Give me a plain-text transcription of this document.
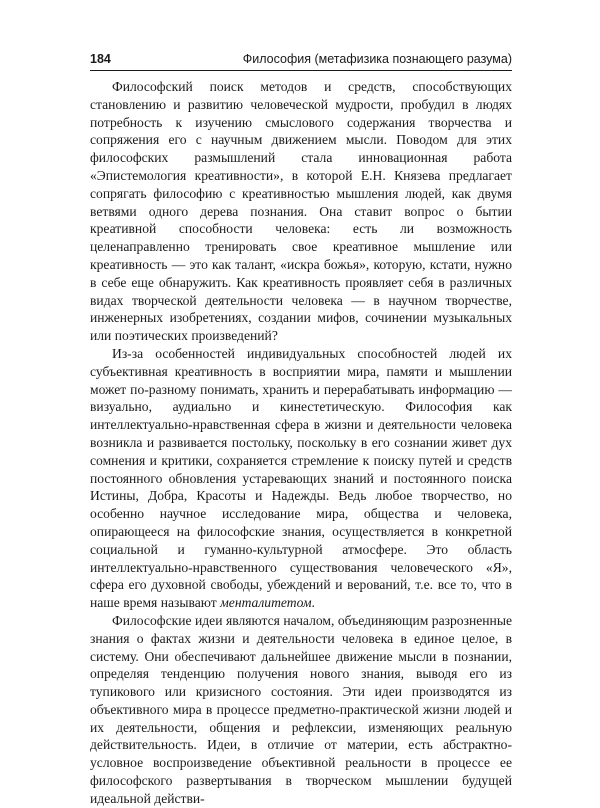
184	Философия (метафизика познающего разума)

Философский поиск методов и средств, способствующих становлению и развитию человеческой мудрости, пробудил в людях потребность к изучению смыслового содержания творчества и сопряжения его с научным движением мысли. Поводом для этих философских размышлений стала инновационная работа «Эпистемология креативности», в которой Е.Н. Князева предлагает сопрягать философию с креативностью мышления людей, как двумя ветвями одного дерева познания. Она ставит вопрос о бытии креативной способности человека: есть ли возможность целенаправленно тренировать свое креативное мышление или креативность — это как талант, «искра божья», которую, кстати, нужно в себе еще обнаружить. Как креативность проявляет себя в различных видах творческой деятельности человека — в научном творчестве, инженерных изобретениях, создании мифов, сочинении музыкальных или поэтических произведений?

Из-за особенностей индивидуальных способностей людей их субъективная креативность в восприятии мира, памяти и мышлении может по-разному понимать, хранить и перерабатывать информацию — визуально, аудиально и кинестетическую. Философия как интеллектуально-нравственная сфера в жизни и деятельности человека возникла и развивается постольку, поскольку в его сознании живет дух сомнения и критики, сохраняется стремление к поиску путей и средств постоянного обновления устаревающих знаний и постоянного поиска Истины, Добра, Красоты и Надежды. Ведь любое творчество, но особенно научное исследование мира, общества и человека, опирающееся на философские знания, осуществляется в конкретной социальной и гуманно-культурной атмосфере. Это область интеллектуально-нравственного существования человеческого «Я», сфера его духовной свободы, убеждений и верований, т.е. все то, что в наше время называют менталитетом.

Философские идеи являются началом, объединяющим разрозненные знания о фактах жизни и деятельности человека в единое целое, в систему. Они обеспечивают дальнейшее движение мысли в познании, определяя тенденцию получения нового знания, выводя его из тупикового или кризисного состояния. Эти идеи производятся из объективного мира в процессе предметно-практической жизни людей и их деятельности, общения и рефлексии, изменяющих реальную действительность. Идеи, в отличие от материи, есть абстрактно-условное воспроизведение объективной реальности в процессе ее философского развертывания в творческом мышлении будущей идеальной действи-
